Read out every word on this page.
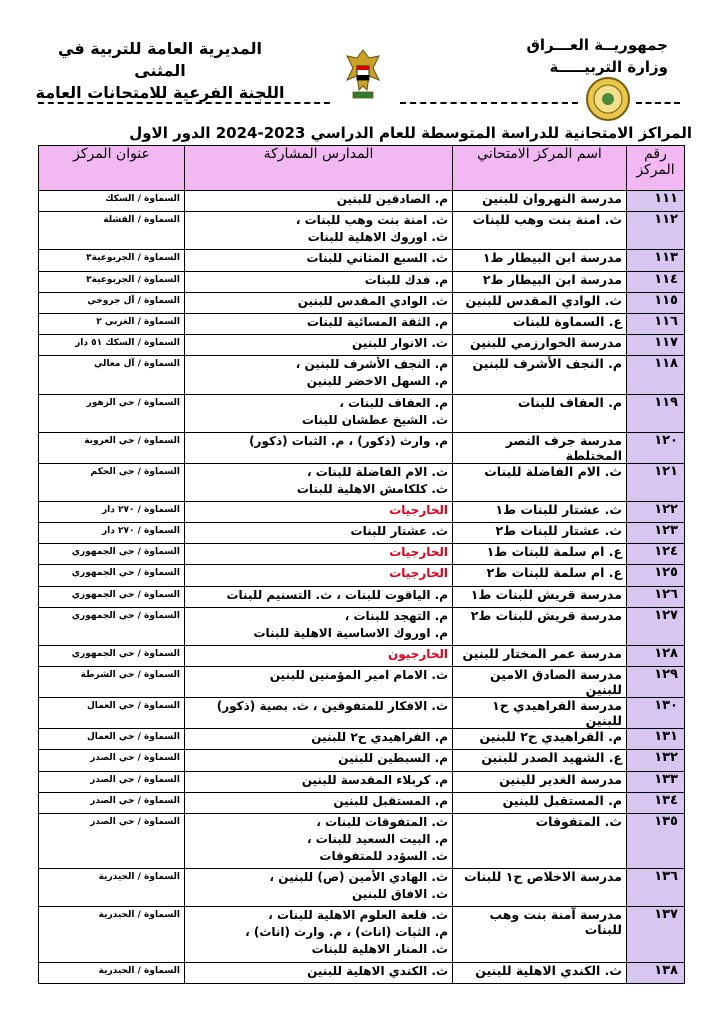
جمهوريــة العـــراق
وزارة التربيـــــة
المديرية العامة للتربية في المثنى
اللجنة الفرعية للامتحانات العامة
المراكز الامتحانية للدراسة المتوسطة للعام الدراسي 2023-2024 الدور الاول
رقم المركز	اسم المركز الامتحاني	المدارس المشاركة	عنوان المركز
١١١	مدرسة النهروان للبنين	م. الصادقين للبنين	السماوة / السكك
١١٢	ث. امنة بنت وهب للبنات	ث. امنة بنت وهب للبنات ،
ث. اوروك الاهلية للبنات	السماوة / القشلة
١١٣	مدرسة ابن البيطار ط١	ث. السبع المثاني للبنات	السماوة / الجربوعية٣
١١٤	مدرسة ابن البيطار ط٢	م. فدك للبنات	السماوة / الجربوعية٣
١١٥	ث. الوادي المقدس للبنين	ث. الوادي المقدس للبنين	السماوة / آل جروخي
١١٦	ع. السماوة للبنات	م. الثقة المسائية للبنات	السماوة / الغربي ٢
١١٧	مدرسة الخوارزمي للبنين	ث. الانوار للبنين	السماوة / السكك ٥١ دار
١١٨	م. النجف الأشرف للبنين	م. النجف الأشرف للبنين ،
م. السهل الاخضر للبنين	السماوة / آل معالي
١١٩	م. العفاف للبنات	م. العفاف للبنات ،
ث. الشيخ عطشان للبنات	السماوة / حي الزهور
١٢٠	مدرسة جرف النصر المختلطة	م. وارث (ذكور) ، م. الثبات (ذكور)	السماوة / حي العروبة
١٢١	ث. الام الفاضلة للبنات	ث. الام الفاضلة للبنات ،
ث. كلكامش الاهلية للبنات	السماوة / حي الحكم
١٢٢	ث. عشتار للبنات ط١	الخارجيات	السماوة / ٢٧٠ دار
١٢٣	ث. عشتار للبنات ط٢	ث. عشتار للبنات	السماوة / ٢٧٠ دار
١٢٤	ع. ام سلمة للبنات ط١	الخارجيات	السماوة / حي الجمهوري
١٢٥	ع. ام سلمة للبنات ط٢	الخارجيات	السماوة / حي الجمهوري
١٢٦	مدرسة قريش للبنات ط١	م. الياقوت للبنات ، ث. التسنيم للبنات	السماوة / حي الجمهوري
١٢٧	مدرسة قريش للبنات ط٢	م. التهجد للبنات ،
م. اوروك الاساسية الاهلية للبنات	السماوة / حي الجمهوري
١٢٨	مدرسة عمر المختار للبنين	الخارجيون	السماوة / حي الجمهوري
١٢٩	مدرسة الصادق الامين للبنين	ث. الامام امير المؤمنين للبنين	السماوة / حي الشرطة
١٣٠	مدرسة الفراهيدي ح١ للبنين	ث. الافكار للمتفوقين ، ث. بصية (ذكور)	السماوة / حي العمال
١٣١	م. الفراهيدي ح٢ للبنين	م. الفراهيدي ح٢ للبنين	السماوة / حي العمال
١٣٢	ع. الشهيد الصدر للبنين	م. السبطين للبنين	السماوة / حي الصدر
١٣٣	مدرسة الغدير للبنين	م. كربلاء المقدسة للبنين	السماوة / حي الصدر
١٣٤	م. المستقبل للبنين	م. المستقبل للبنين	السماوة / حي الصدر
١٣٥	ث. المتفوقات	ث. المتفوقات للبنات ،
م. البيت السعيد للبنات ،
ث. السؤدد للمتفوقات	السماوة / حي الصدر
١٣٦	مدرسة الاخلاص ح١ للبنات	ث. الهادي الأمين (ص) للبنين ،
ث. الافاق للبنين	السماوة / الحيدرية
١٣٧	مدرسة آمنة بنت وهب للبنات	ث. قلعة العلوم الاهلية للبنات ،
م. الثبات (اناث) ، م. وارث (اناث) ،
ث. المنار الاهلية للبنات	السماوة / الحيدرية
١٣٨	ث. الكندي الاهلية للبنين	ث. الكندي الاهلية للبنين	السماوة / الحيدرية
